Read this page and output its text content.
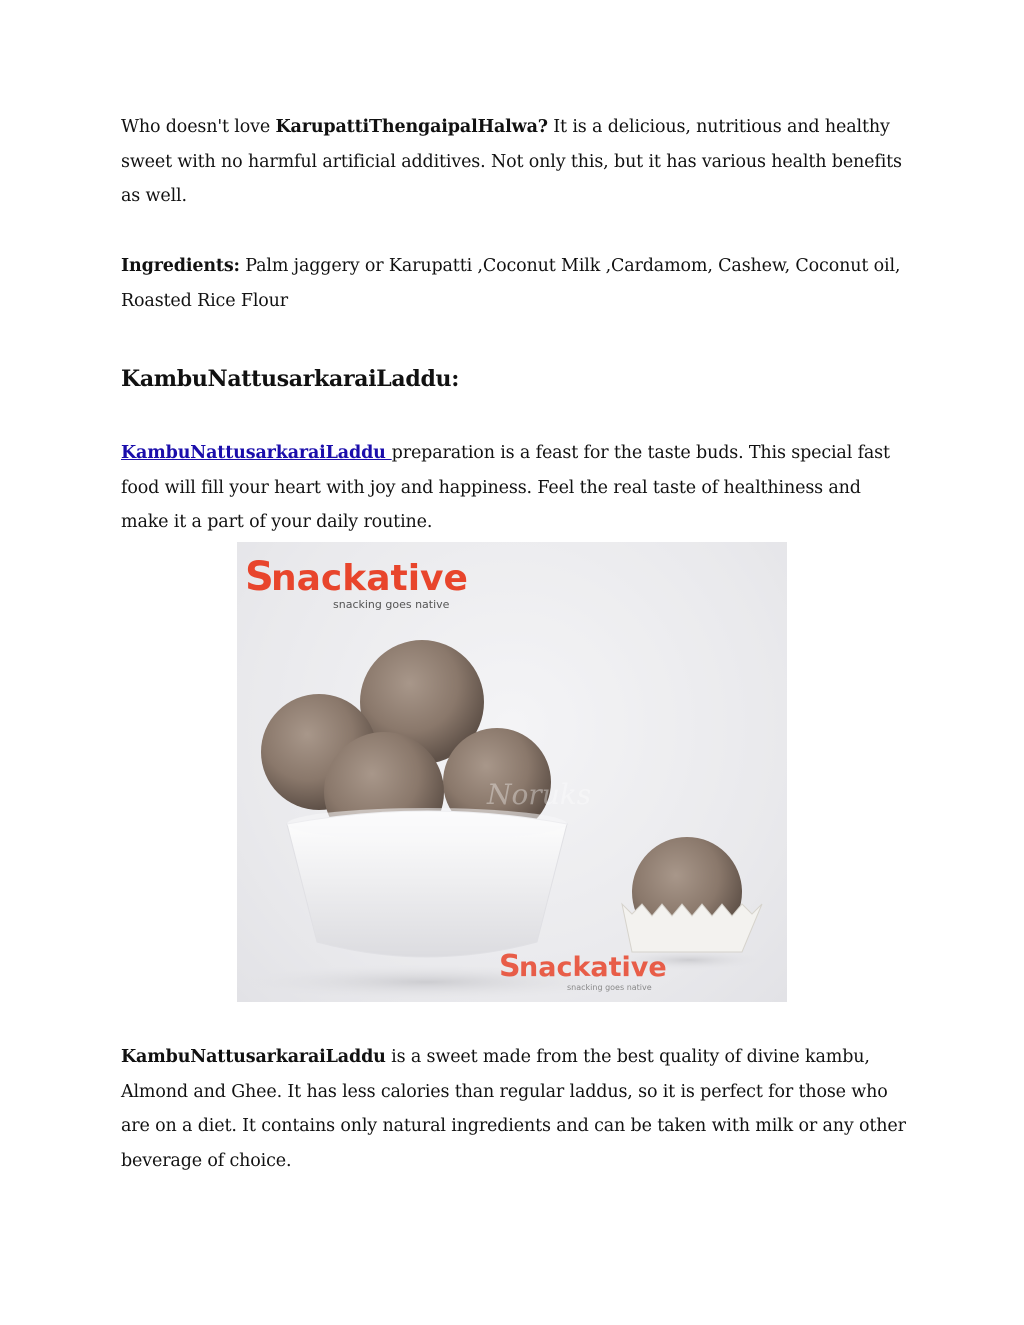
Who doesn't love KarupattiThengaipalHalwa? It is a delicious, nutritious and healthy sweet with no harmful artificial additives. Not only this, but it has various health benefits as well.

Ingredients: Palm jaggery or Karupatti ,Coconut Milk ,Cardamom, Cashew, Coconut oil, Roasted Rice Flour

KambuNattusarkaraiLaddu:

KambuNattusarkaraiLaddu preparation is a feast for the taste buds. This special fast food will fill your heart with joy and happiness. Feel the real taste of healthiness and make it a part of your daily routine.

KambuNattusarkaraiLaddu is a sweet made from the best quality of divine kambu, Almond and Ghee. It has less calories than regular laddus, so it is perfect for those who are on a diet. It contains only natural ingredients and can be taken with milk or any other beverage of choice.

S
nackative
snacking goes native
Noruks
S
nackative
snacking goes native
